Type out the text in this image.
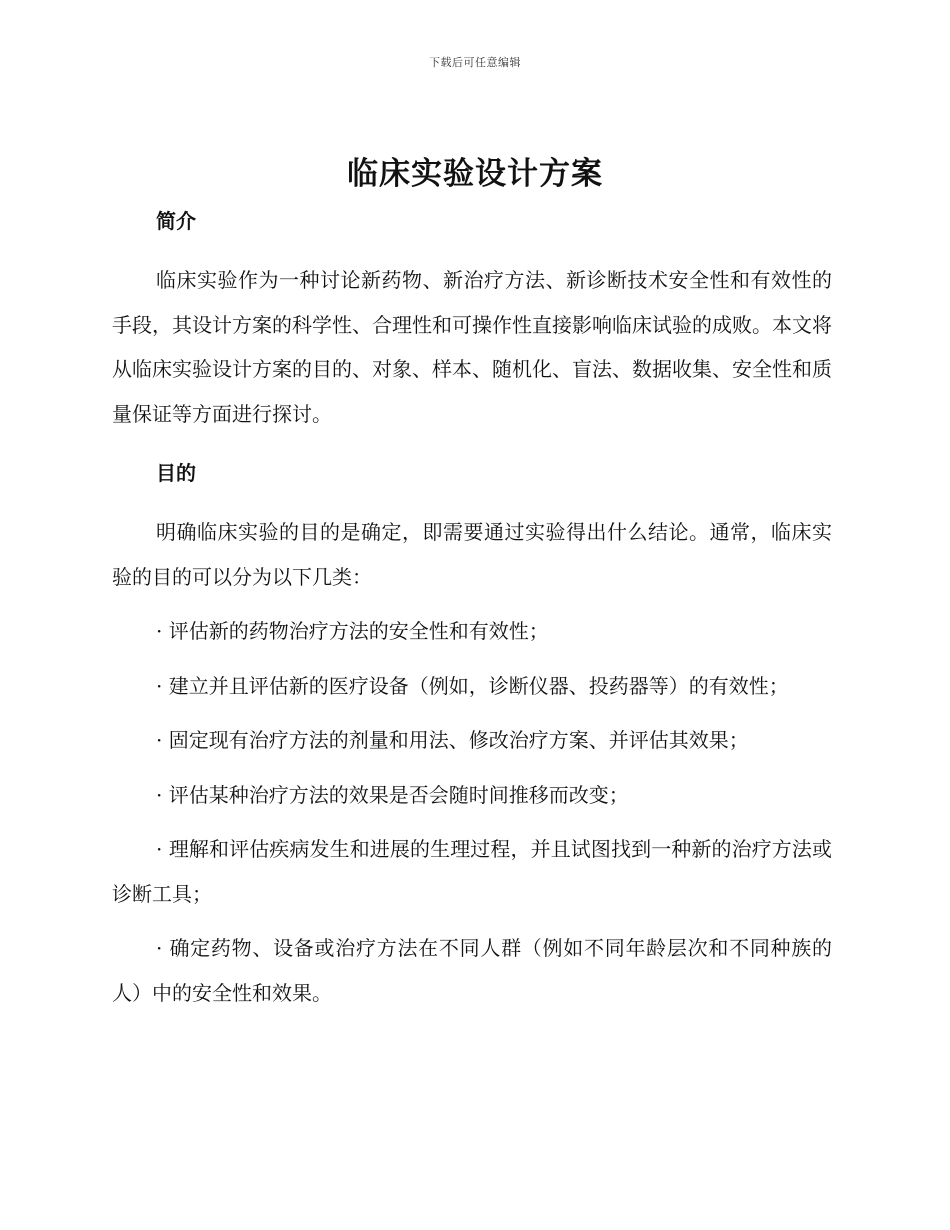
下载后可任意编辑
临床实验设计方案
简介

临床实验作为一种讨论新药物、新治疗方法、新诊断技术安全性和有效性的手段，其设计方案的科学性、合理性和可操作性直接影响临床试验的成败。本文将从临床实验设计方案的目的、对象、样本、随机化、盲法、数据收集、安全性和质量保证等方面进行探讨。

目的

明确临床实验的目的是确定，即需要通过实验得出什么结论。通常，临床实验的目的可以分为以下几类：

· 评估新的药物治疗方法的安全性和有效性；

· 建立并且评估新的医疗设备（例如，诊断仪器、投药器等）的有效性；

· 固定现有治疗方法的剂量和用法、修改治疗方案、并评估其效果；

· 评估某种治疗方法的效果是否会随时间推移而改变；

· 理解和评估疾病发生和进展的生理过程，并且试图找到一种新的治疗方法或诊断工具；

· 确定药物、设备或治疗方法在不同人群（例如不同年龄层次和不同种族的人）中的安全性和效果。
